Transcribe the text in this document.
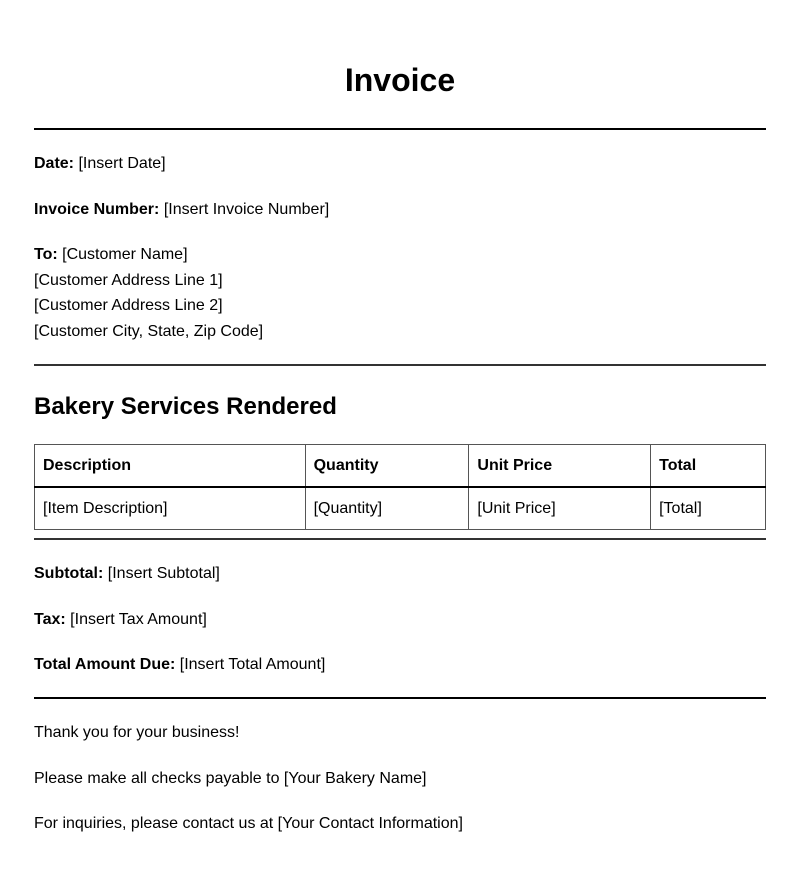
Invoice
Date: [Insert Date]
Invoice Number: [Insert Invoice Number]
To: [Customer Name]
[Customer Address Line 1]
[Customer Address Line 2]
[Customer City, State, Zip Code]
Bakery Services Rendered
Description	Quantity	Unit Price	Total
[Item Description]	[Quantity]	[Unit Price]	[Total]
Subtotal: [Insert Subtotal]
Tax: [Insert Tax Amount]
Total Amount Due: [Insert Total Amount]
Thank you for your business!
Please make all checks payable to [Your Bakery Name]
For inquiries, please contact us at [Your Contact Information]
